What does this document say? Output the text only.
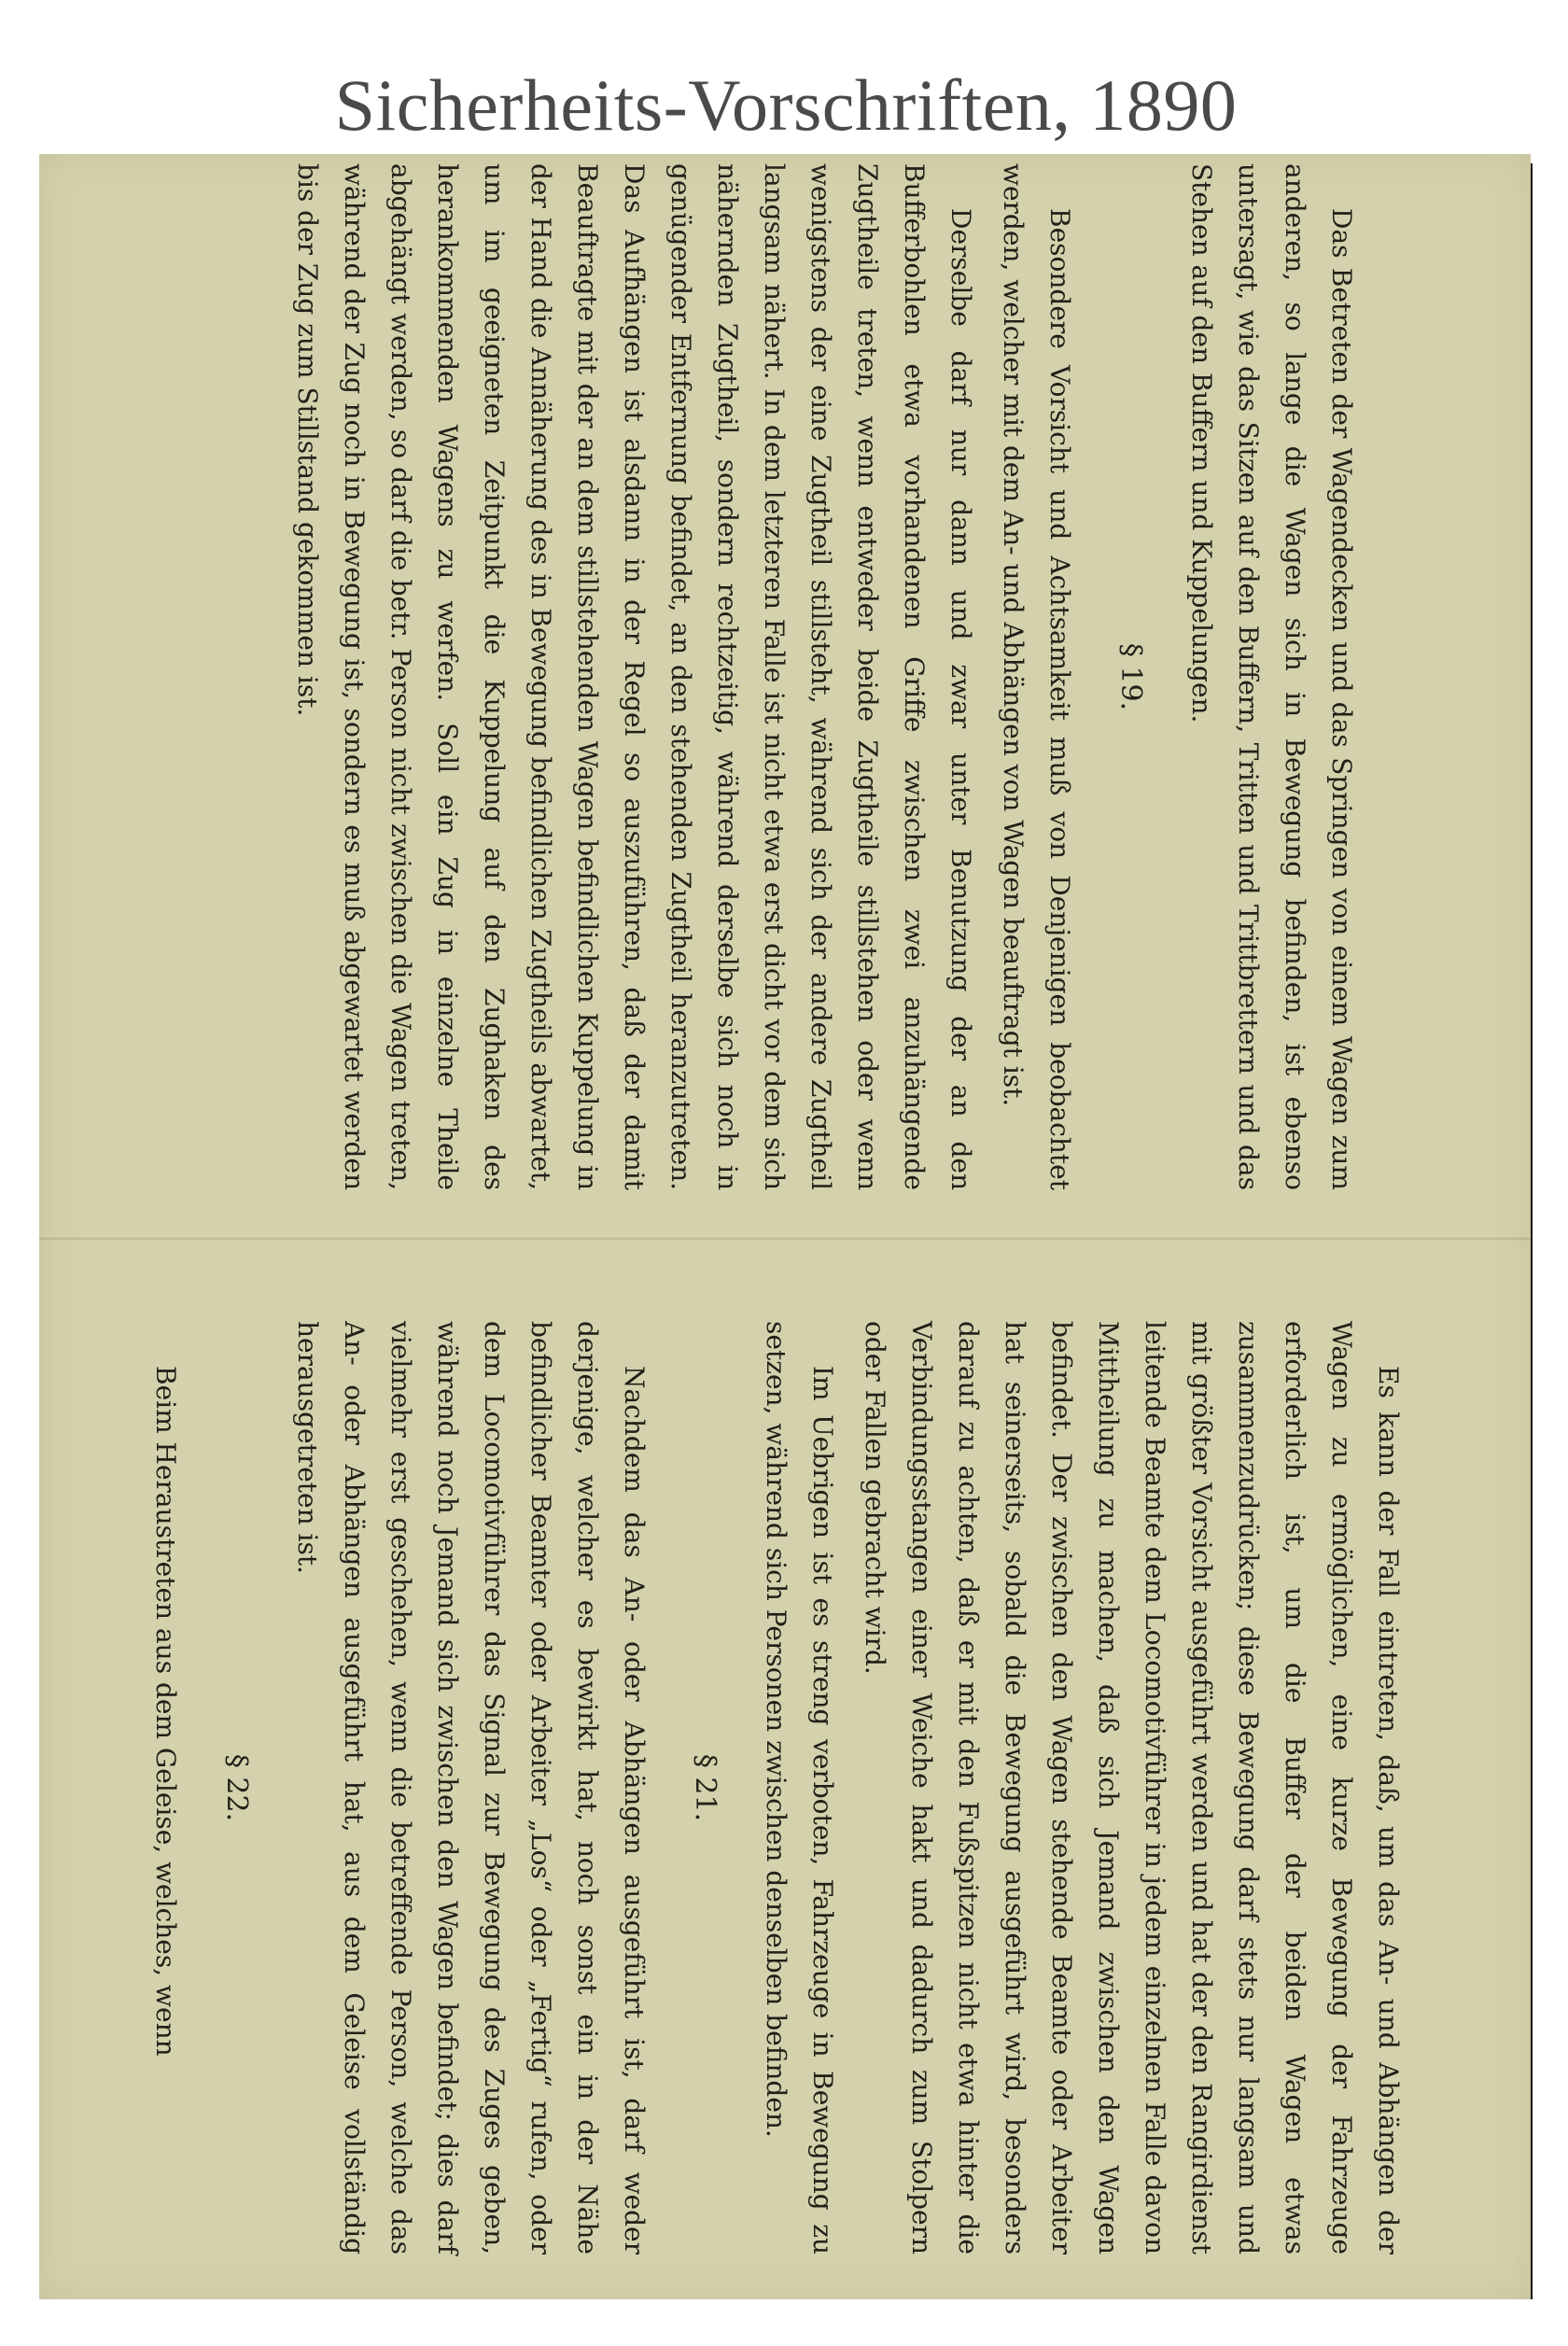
Sicherheits-Vorschriften, 1890

Das Betreten der Wagendecken und das Springen von einem Wagen zum anderen, so lange die Wagen sich in Bewegung befinden, ist ebenso untersagt, wie das Sitzen auf den Buffern, Tritten und Trittbrettern und das Stehen auf den Buffern und Kuppelungen.

§ 19.

Besondere Vorsicht und Achtsamkeit muß von Denjenigen beobachtet werden, welcher mit dem An- und Abhängen von Wagen beauftragt ist.

Derselbe darf nur dann und zwar unter Benutzung der an den Bufferbohlen etwa vorhandenen Griffe zwischen zwei anzuhängende Zugtheile treten, wenn entweder beide Zugtheile stillstehen oder wenn wenigstens der eine Zugtheil stillsteht, während sich der andere Zugtheil langsam nähert. In dem letzteren Falle ist nicht etwa erst dicht vor dem sich nähernden Zugtheil, sondern rechtzeitig, während derselbe sich noch in genügender Entfernung befindet, an den stehenden Zugtheil heranzutreten. Das Aufhängen ist alsdann in der Regel so auszuführen, daß der damit Beauftragte mit der an dem stillstehenden Wagen befindlichen Kuppelung in der Hand die Annäherung des in Bewegung befindlichen Zugtheils abwartet, um im geeigneten Zeitpunkt die Kuppelung auf den Zughaken des herankommenden Wagens zu werfen. Soll ein Zug in einzelne Theile abgehängt werden, so darf die betr. Person nicht zwischen die Wagen treten, während der Zug noch in Bewegung ist, sondern es muß abgewartet werden bis der Zug zum Stillstand gekommen ist.

Es kann der Fall eintreten, daß, um das An- und Abhängen der Wagen zu ermöglichen, eine kurze Bewegung der Fahrzeuge erforderlich ist, um die Buffer der beiden Wagen etwas zusammenzudrücken; diese Bewegung darf stets nur langsam und mit größter Vorsicht ausgeführt werden und hat der den Rangirdienst leitende Beamte dem Locomotivführer in jedem einzelnen Falle davon Mittheilung zu machen, daß sich Jemand zwischen den Wagen befindet. Der zwischen den Wagen stehende Beamte oder Arbeiter hat seinerseits, sobald die Bewegung ausgeführt wird, besonders darauf zu achten, daß er mit den Fußspitzen nicht etwa hinter die Verbindungsstangen einer Weiche hakt und dadurch zum Stolpern oder Fallen gebracht wird.

Im Uebrigen ist es streng verboten, Fahrzeuge in Bewegung zu setzen, während sich Personen zwischen denselben befinden.

§ 21.

Nachdem das An- oder Abhängen ausgeführt ist, darf weder derjenige, welcher es bewirkt hat, noch sonst ein in der Nähe befindlicher Beamter oder Arbeiter „Los“ oder „Fertig“ rufen, oder dem Locomotivführer das Signal zur Bewegung des Zuges geben, während noch Jemand sich zwischen den Wagen befindet; dies darf vielmehr erst geschehen, wenn die betreffende Person, welche das An- oder Abhängen ausgeführt hat, aus dem Geleise vollständig herausgetreten ist.

§ 22.

Beim Heraustreten aus dem Geleise, welches, wenn
